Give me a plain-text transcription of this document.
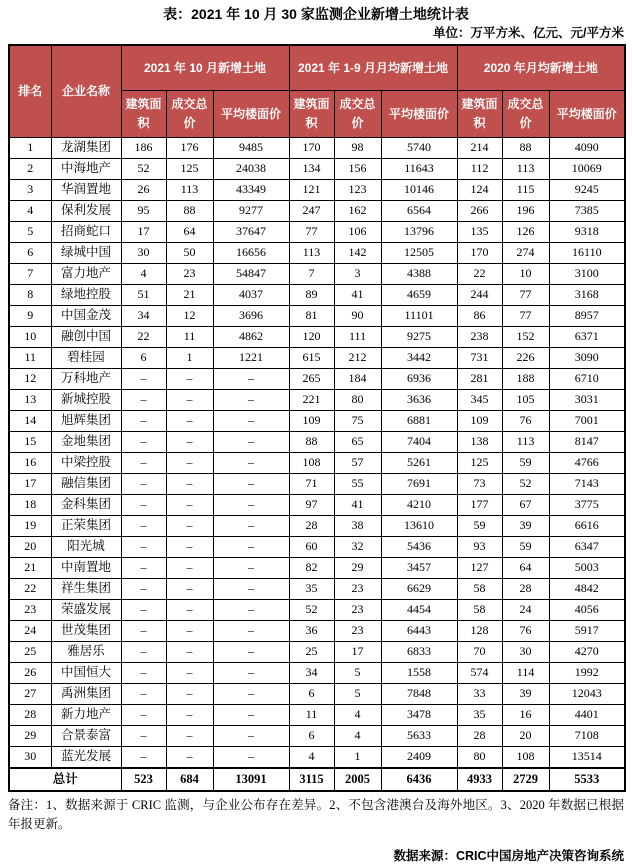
表：2021 年 10 月 30 家监测企业新增土地统计表
单位：万平方米、亿元、元/平方米
排名	企业名称	2021 年 10 月新增土地			2021 年 1-9 月月均新增土地			2020 年月均新增土地		
		建筑面积	成交总价	平均楼面价	建筑面积	成交总价	平均楼面价	建筑面积	成交总价	平均楼面价
1	龙湖集团	186	176	9485	170	98	5740	214	88	4090
2	中海地产	52	125	24038	134	156	11643	112	113	10069
3	华润置地	26	113	43349	121	123	10146	124	115	9245
4	保利发展	95	88	9277	247	162	6564	266	196	7385
5	招商蛇口	17	64	37647	77	106	13796	135	126	9318
6	绿城中国	30	50	16656	113	142	12505	170	274	16110
7	富力地产	4	23	54847	7	3	4388	22	10	3100
8	绿地控股	51	21	4037	89	41	4659	244	77	3168
9	中国金茂	34	12	3696	81	90	11101	86	77	8957
10	融创中国	22	11	4862	120	111	9275	238	152	6371
11	碧桂园	6	1	1221	615	212	3442	731	226	3090
12	万科地产	–	–	–	265	184	6936	281	188	6710
13	新城控股	–	–	–	221	80	3636	345	105	3031
14	旭辉集团	–	–	–	109	75	6881	109	76	7001
15	金地集团	–	–	–	88	65	7404	138	113	8147
16	中梁控股	–	–	–	108	57	5261	125	59	4766
17	融信集团	–	–	–	71	55	7691	73	52	7143
18	金科集团	–	–	–	97	41	4210	177	67	3775
19	正荣集团	–	–	–	28	38	13610	59	39	6616
20	阳光城	–	–	–	60	32	5436	93	59	6347
21	中南置地	–	–	–	82	29	3457	127	64	5003
22	祥生集团	–	–	–	35	23	6629	58	28	4842
23	荣盛发展	–	–	–	52	23	4454	58	24	4056
24	世茂集团	–	–	–	36	23	6443	128	76	5917
25	雅居乐	–	–	–	25	17	6833	70	30	4270
26	中国恒大	–	–	–	34	5	1558	574	114	1992
27	禹洲集团	–	–	–	6	5	7848	33	39	12043
28	新力地产	–	–	–	11	4	3478	35	16	4401
29	合景泰富	–	–	–	6	4	5633	28	20	7108
30	蓝光发展	–	–	–	4	1	2409	80	108	13514
总计		523	684	13091	3115	2005	6436	4933	2729	5533
备注：1、数据来源于 CRIC 监测，与企业公布存在差异。2、不包含港澳台及海外地区。3、2020 年数据已根据年报更新。
数据来源：CRIC中国房地产决策咨询系统
